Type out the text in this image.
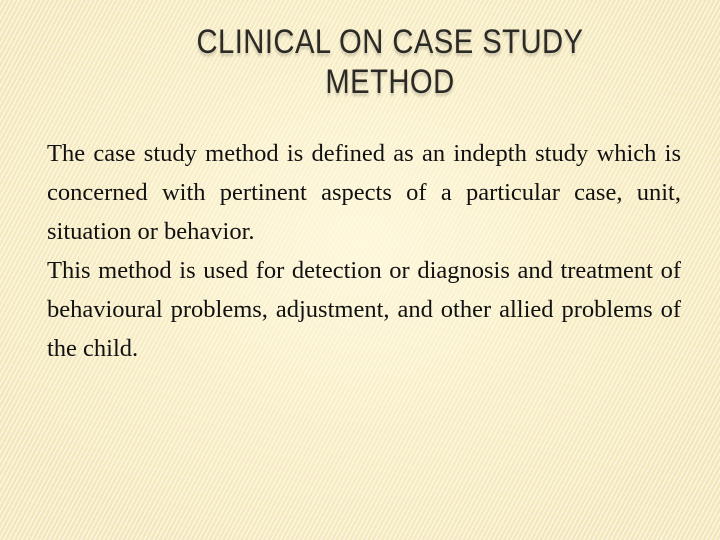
CLINICAL ON CASE STUDY
METHOD

The case study method is defined as an indepth study which is concerned with pertinent aspects of a particular case, unit, situation or behavior.

This method is used for detection or diagnosis and treatment of behavioural problems, adjustment, and other allied problems of the child.
